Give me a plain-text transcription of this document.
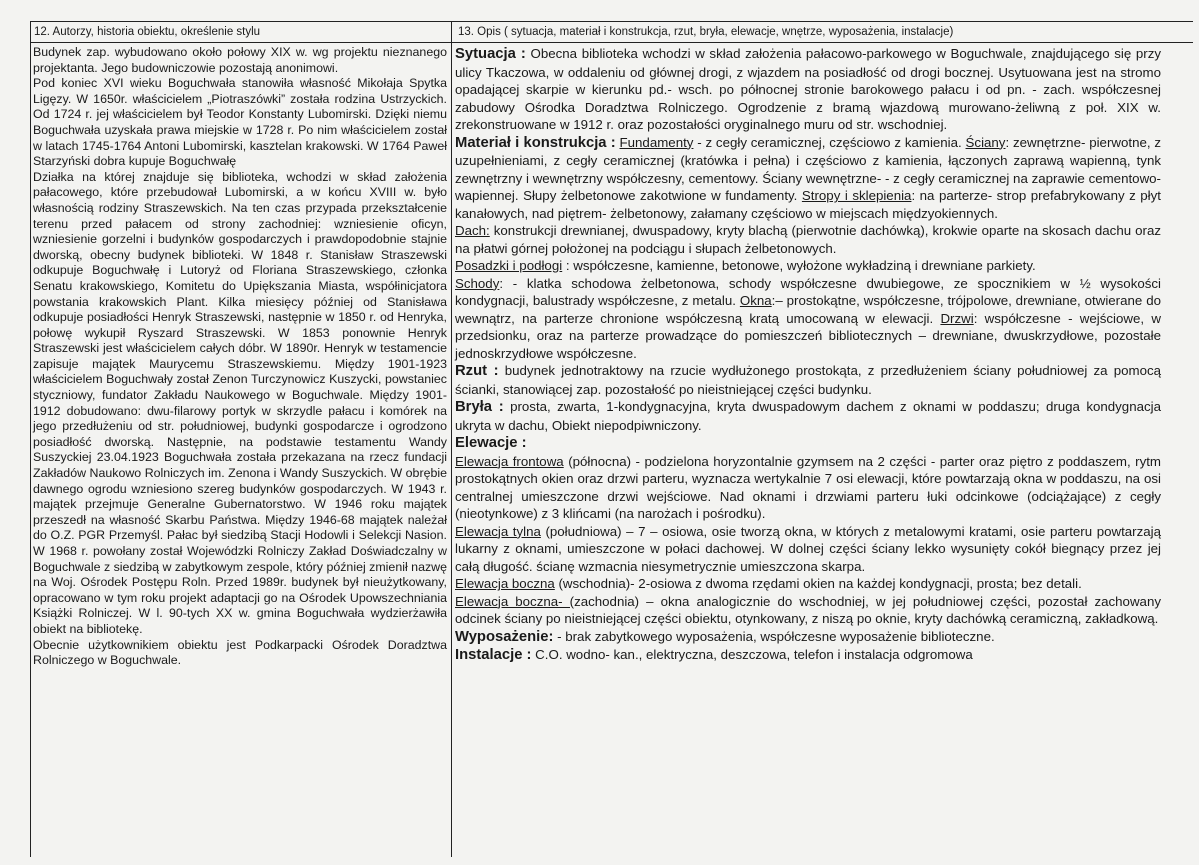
12. Autorzy, historia obiektu, określenie stylu	13. Opis ( sytuacja, materiał i konstrukcja, rzut, bryła, elewacje, wnętrze, wyposażenia, instalacje)

Budynek zap. wybudowano około połowy XIX w. wg projektu nieznanego projektanta. Jego budowniczowie pozostają anonimowi.

Pod koniec XVI wieku Boguchwała stanowiła własność Mikołaja Spytka Ligęzy. W 1650r. właścicielem „Piotraszówki” została rodzina Ustrzyckich. Od 1724 r. jej właścicielem był Teodor Konstanty Lubomirski. Dzięki niemu Boguchwała uzyskała prawa miejskie w 1728 r. Po nim właścicielem został w latach 1745-1764 Antoni Lubomirski, kasztelan krakowski. W 1764 Paweł Starzyński dobra kupuje Boguchwałę

Działka na której znajduje się biblioteka, wchodzi w skład założenia pałacowego, które przebudował Lubomirski, a w końcu XVIII w. było własnością rodziny Straszewskich. Na ten czas przypada przekształcenie terenu przed pałacem od strony zachodniej: wzniesienie oficyn, wzniesienie gorzelni i budynków gospodarczych i prawdopodobnie stajnie dworską, obecny budynek biblioteki. W 1848 r. Stanisław Straszewski odkupuje Boguchwałę i Lutoryż od Floriana Straszewskiego, członka Senatu krakowskiego, Komitetu do Upiększania Miasta, współinicjatora powstania krakowskich Plant. Kilka miesięcy później od Stanisława odkupuje posiadłości Henryk Straszewski, następnie w 1850 r. od Henryka, połowę wykupił Ryszard Straszewski. W 1853 ponownie Henryk Straszewski jest właścicielem całych dóbr. W 1890r. Henryk w testamencie zapisuje majątek Maurycemu Straszewskiemu. Między 1901-1923 właścicielem Boguchwały został Zenon Turczynowicz Kuszycki, powstaniec styczniowy, fundator Zakładu Naukowego w Boguchwale. Między 1901-1912 dobudowano: dwu-filarowy portyk w skrzydle pałacu i komórek na jego przedłużeniu od str. południowej, budynki gospodarcze i ogrodzono posiadłość dworską. Następnie, na podstawie testamentu Wandy Suszyckiej 23.04.1923 Boguchwała została przekazana na rzecz fundacji Zakładów Naukowo Rolniczych im. Zenona i Wandy Suszyckich. W obrębie dawnego ogrodu wzniesiono szereg budynków gospodarczych. W 1943 r. majątek przejmuje Generalne Gubernatorstwo. W 1946 roku majątek przeszedł na własność Skarbu Państwa. Między 1946-68 majątek należał do O.Z. PGR Przemyśl. Pałac był siedzibą Stacji Hodowli i Selekcji Nasion. W 1968 r. powołany został Wojewódzki Rolniczy Zakład Doświadczalny w Boguchwale z siedzibą w zabytkowym zespole, który później zmienił nazwę na Woj. Ośrodek Postępu Roln. Przed 1989r. budynek był nieużytkowany, opracowano w tym roku projekt adaptacji go na Ośrodek Upowszechniania Książki Rolniczej. W l. 90-tych XX w. gmina Boguchwała wydzierżawiła obiekt na bibliotekę.

Obecnie użytkownikiem obiektu jest Podkarpacki Ośrodek Doradztwa Rolniczego w Boguchwale.

Sytuacja : Obecna biblioteka wchodzi w skład założenia pałacowo-parkowego w Boguchwale, znajdującego się przy ulicy Tkaczowa, w oddaleniu od głównej drogi, z wjazdem na posiadłość od drogi bocznej. Usytuowana jest na stromo opadającej skarpie w kierunku pd.- wsch. po północnej stronie barokowego pałacu i od pn. - zach. współczesnej zabudowy Ośrodka Doradztwa Rolniczego. Ogrodzenie z bramą wjazdową murowano-żeliwną z poł. XIX w. zrekonstruowane w 1912 r. oraz pozostałości oryginalnego muru od str. wschodniej.

Materiał i konstrukcja : Fundamenty - z cegły ceramicznej, częściowo z kamienia. Ściany: zewnętrzne- pierwotne, z uzupełnieniami, z cegły ceramicznej (kratówka i pełna) i częściowo z kamienia, łączonych zaprawą wapienną, tynk zewnętrzny i wewnętrzny współczesny, cementowy. Ściany wewnętrzne- - z cegły ceramicznej na zaprawie cementowo-wapiennej. Słupy żelbetonowe zakotwione w fundamenty. Stropy i sklepienia: na parterze- strop prefabrykowany z płyt kanałowych, nad piętrem- żelbetonowy, załamany częściowo w miejscach międzyokiennych.

Dach: konstrukcji drewnianej, dwuspadowy, kryty blachą (pierwotnie dachówką), krokwie oparte na skosach dachu oraz na płatwi górnej położonej na podciągu i słupach żelbetonowych.

Posadzki i podłogi : współczesne, kamienne, betonowe, wyłożone wykładziną i drewniane parkiety.

Schody: - klatka schodowa żelbetonowa, schody współczesne dwubiegowe, ze spocznikiem w ½ wysokości kondygnacji, balustrady współczesne, z metalu. Okna:– prostokątne, współczesne, trójpolowe, drewniane, otwierane do wewnątrz, na parterze chronione współczesną kratą umocowaną w elewacji. Drzwi: współczesne - wejściowe, w przedsionku, oraz na parterze prowadzące do pomieszczeń bibliotecznych – drewniane, dwuskrzydłowe, pozostałe jednoskrzydłowe współczesne.

Rzut : budynek jednotraktowy na rzucie wydłużonego prostokąta, z przedłużeniem ściany południowej za pomocą ścianki, stanowiącej zap. pozostałość po nieistniejącej części budynku.

Bryła : prosta, zwarta, 1-kondygnacyjna, kryta dwuspadowym dachem z oknami w poddaszu; druga kondygnacja ukryta w dachu, Obiekt niepodpiwniczony.

Elewacje :

Elewacja frontowa (północna) - podzielona horyzontalnie gzymsem na 2 części - parter oraz piętro z poddaszem, rytm prostokątnych okien oraz drzwi parteru, wyznacza wertykalnie 7 osi elewacji, które powtarzają okna w poddaszu, na osi centralnej umieszczone drzwi wejściowe. Nad oknami i drzwiami parteru łuki odcinkowe (odciążające) z cegły (nieotynkowe) z 3 klińcami (na narożach i pośrodku).

Elewacja tylna (południowa) – 7 – osiowa, osie tworzą okna, w których z metalowymi kratami, osie parteru powtarzają lukarny z oknami, umieszczone w połaci dachowej. W dolnej części ściany lekko wysunięty cokół biegnący przez jej całą długość. ścianę wzmacnia niesymetrycznie umieszczona skarpa.

Elewacja boczna (wschodnia)- 2-osiowa z dwoma rzędami okien na każdej kondygnacji, prosta; bez detali.

Elewacja boczna- (zachodnia) – okna analogicznie do wschodniej, w jej południowej części, pozostał zachowany odcinek ściany po nieistniejącej części obiektu, otynkowany, z niszą po oknie, kryty dachówką ceramiczną, zakładkową.

Wyposażenie: - brak zabytkowego wyposażenia, współczesne wyposażenie biblioteczne.

Instalacje : C.O. wodno- kan., elektryczna, deszczowa, telefon i instalacja odgromowa
